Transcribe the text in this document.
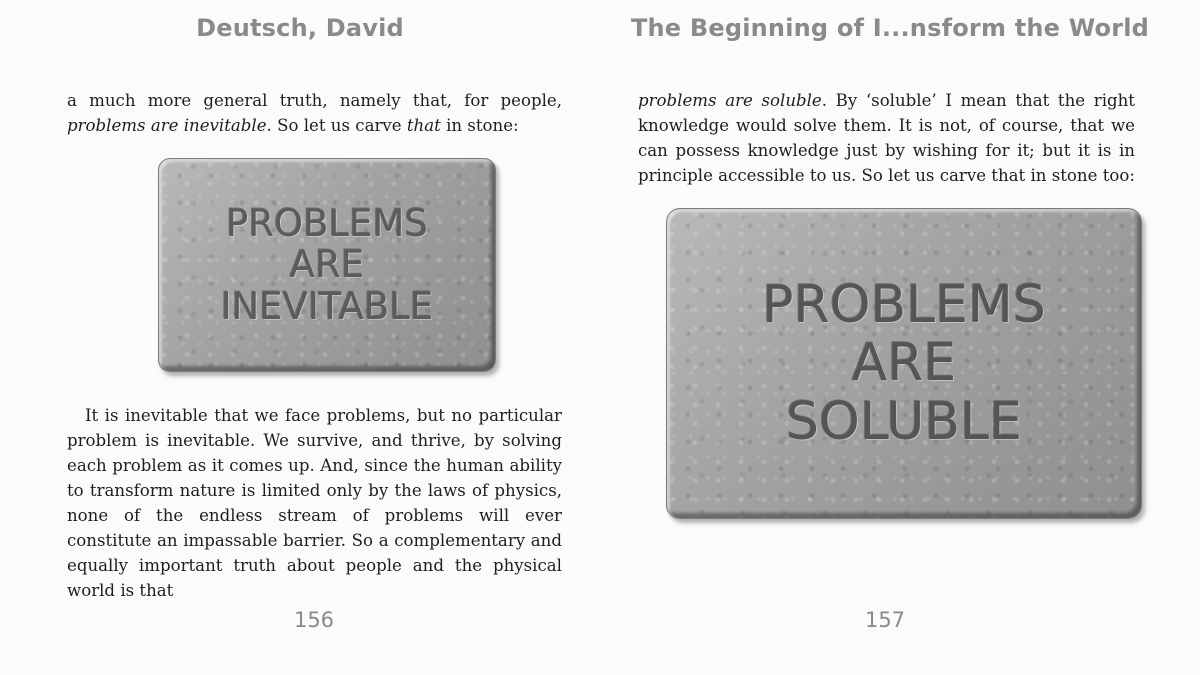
Deutsch, David

a much more general truth, namely that, for people, problems are inevitable. So let us carve that in stone:

PROBLEMS
ARE
INEVITABLE

It is inevitable that we face problems, but no particular problem is inevitable. We survive, and thrive, by solving each problem as it comes up. And, since the human ability to transform nature is limited only by the laws of physics, none of the endless stream of problems will ever constitute an impassable barrier. So a complementary and equally important truth about people and the physical world is that

156
The Beginning of I...nsform the World

problems are soluble. By ‘soluble’ I mean that the right knowledge would solve them. It is not, of course, that we can possess knowledge just by wishing for it; but it is in principle accessible to us. So let us carve that in stone too:

PROBLEMS
ARE
SOLUBLE
157
